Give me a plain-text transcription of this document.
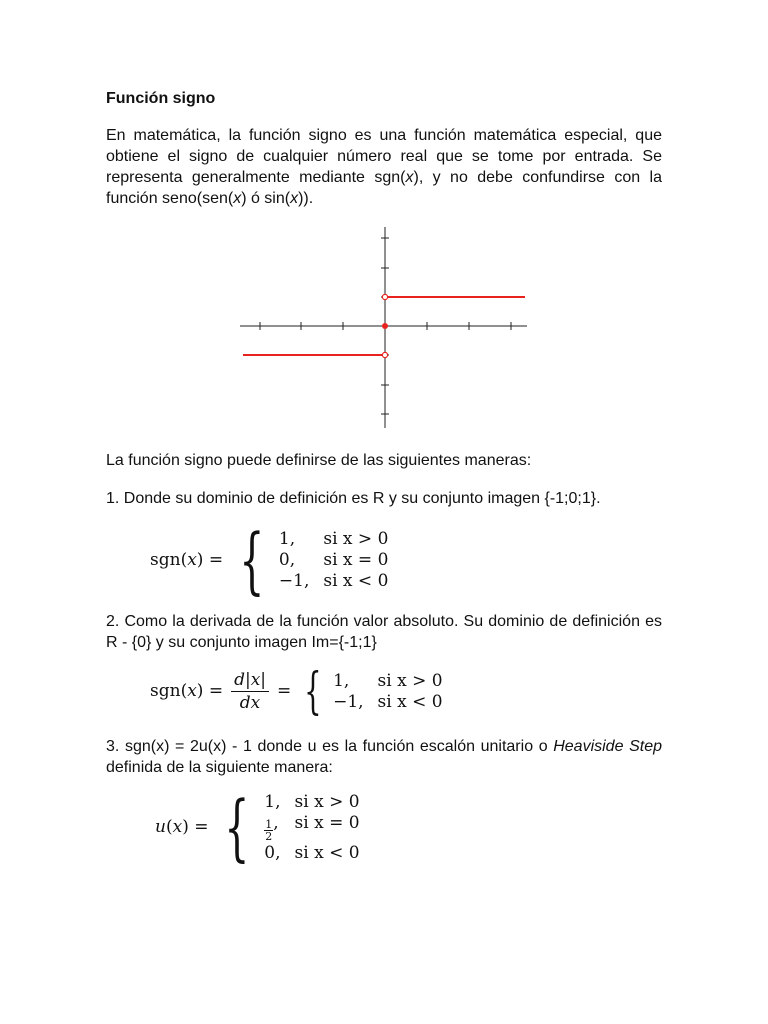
Función signo

En matemática, la función signo es una función matemática especial, que obtiene el signo de cualquier número real que se tome por entrada. Se representa generalmente mediante sgn(x), y no debe confundirse con la función seno(sen(x) ó sin(x)).

La función signo puede definirse de las siguientes maneras:

1. Donde su dominio de definición es R y su conjunto imagen {-1;0;1}.

2. Como la derivada de la función valor absoluto. Su dominio de definición es R - {0} y su conjunto imagen Im={-1;1}

3. sgn(x) = 2u(x) - 1 donde u es la función escalón unitario o Heaviside Step definida de la siguiente manera:

sgn(x) = { 1,	si x > 0
0,	si x = 0
−1, si x < 0
$sgn(x) = \frac{d|x|}{dx}$ = { 1,	si x > 0
−1, si x < 0
u(x) = { 1, si x > 0
$\frac{1}{2}$ , si x = 0
0, si x < 0
